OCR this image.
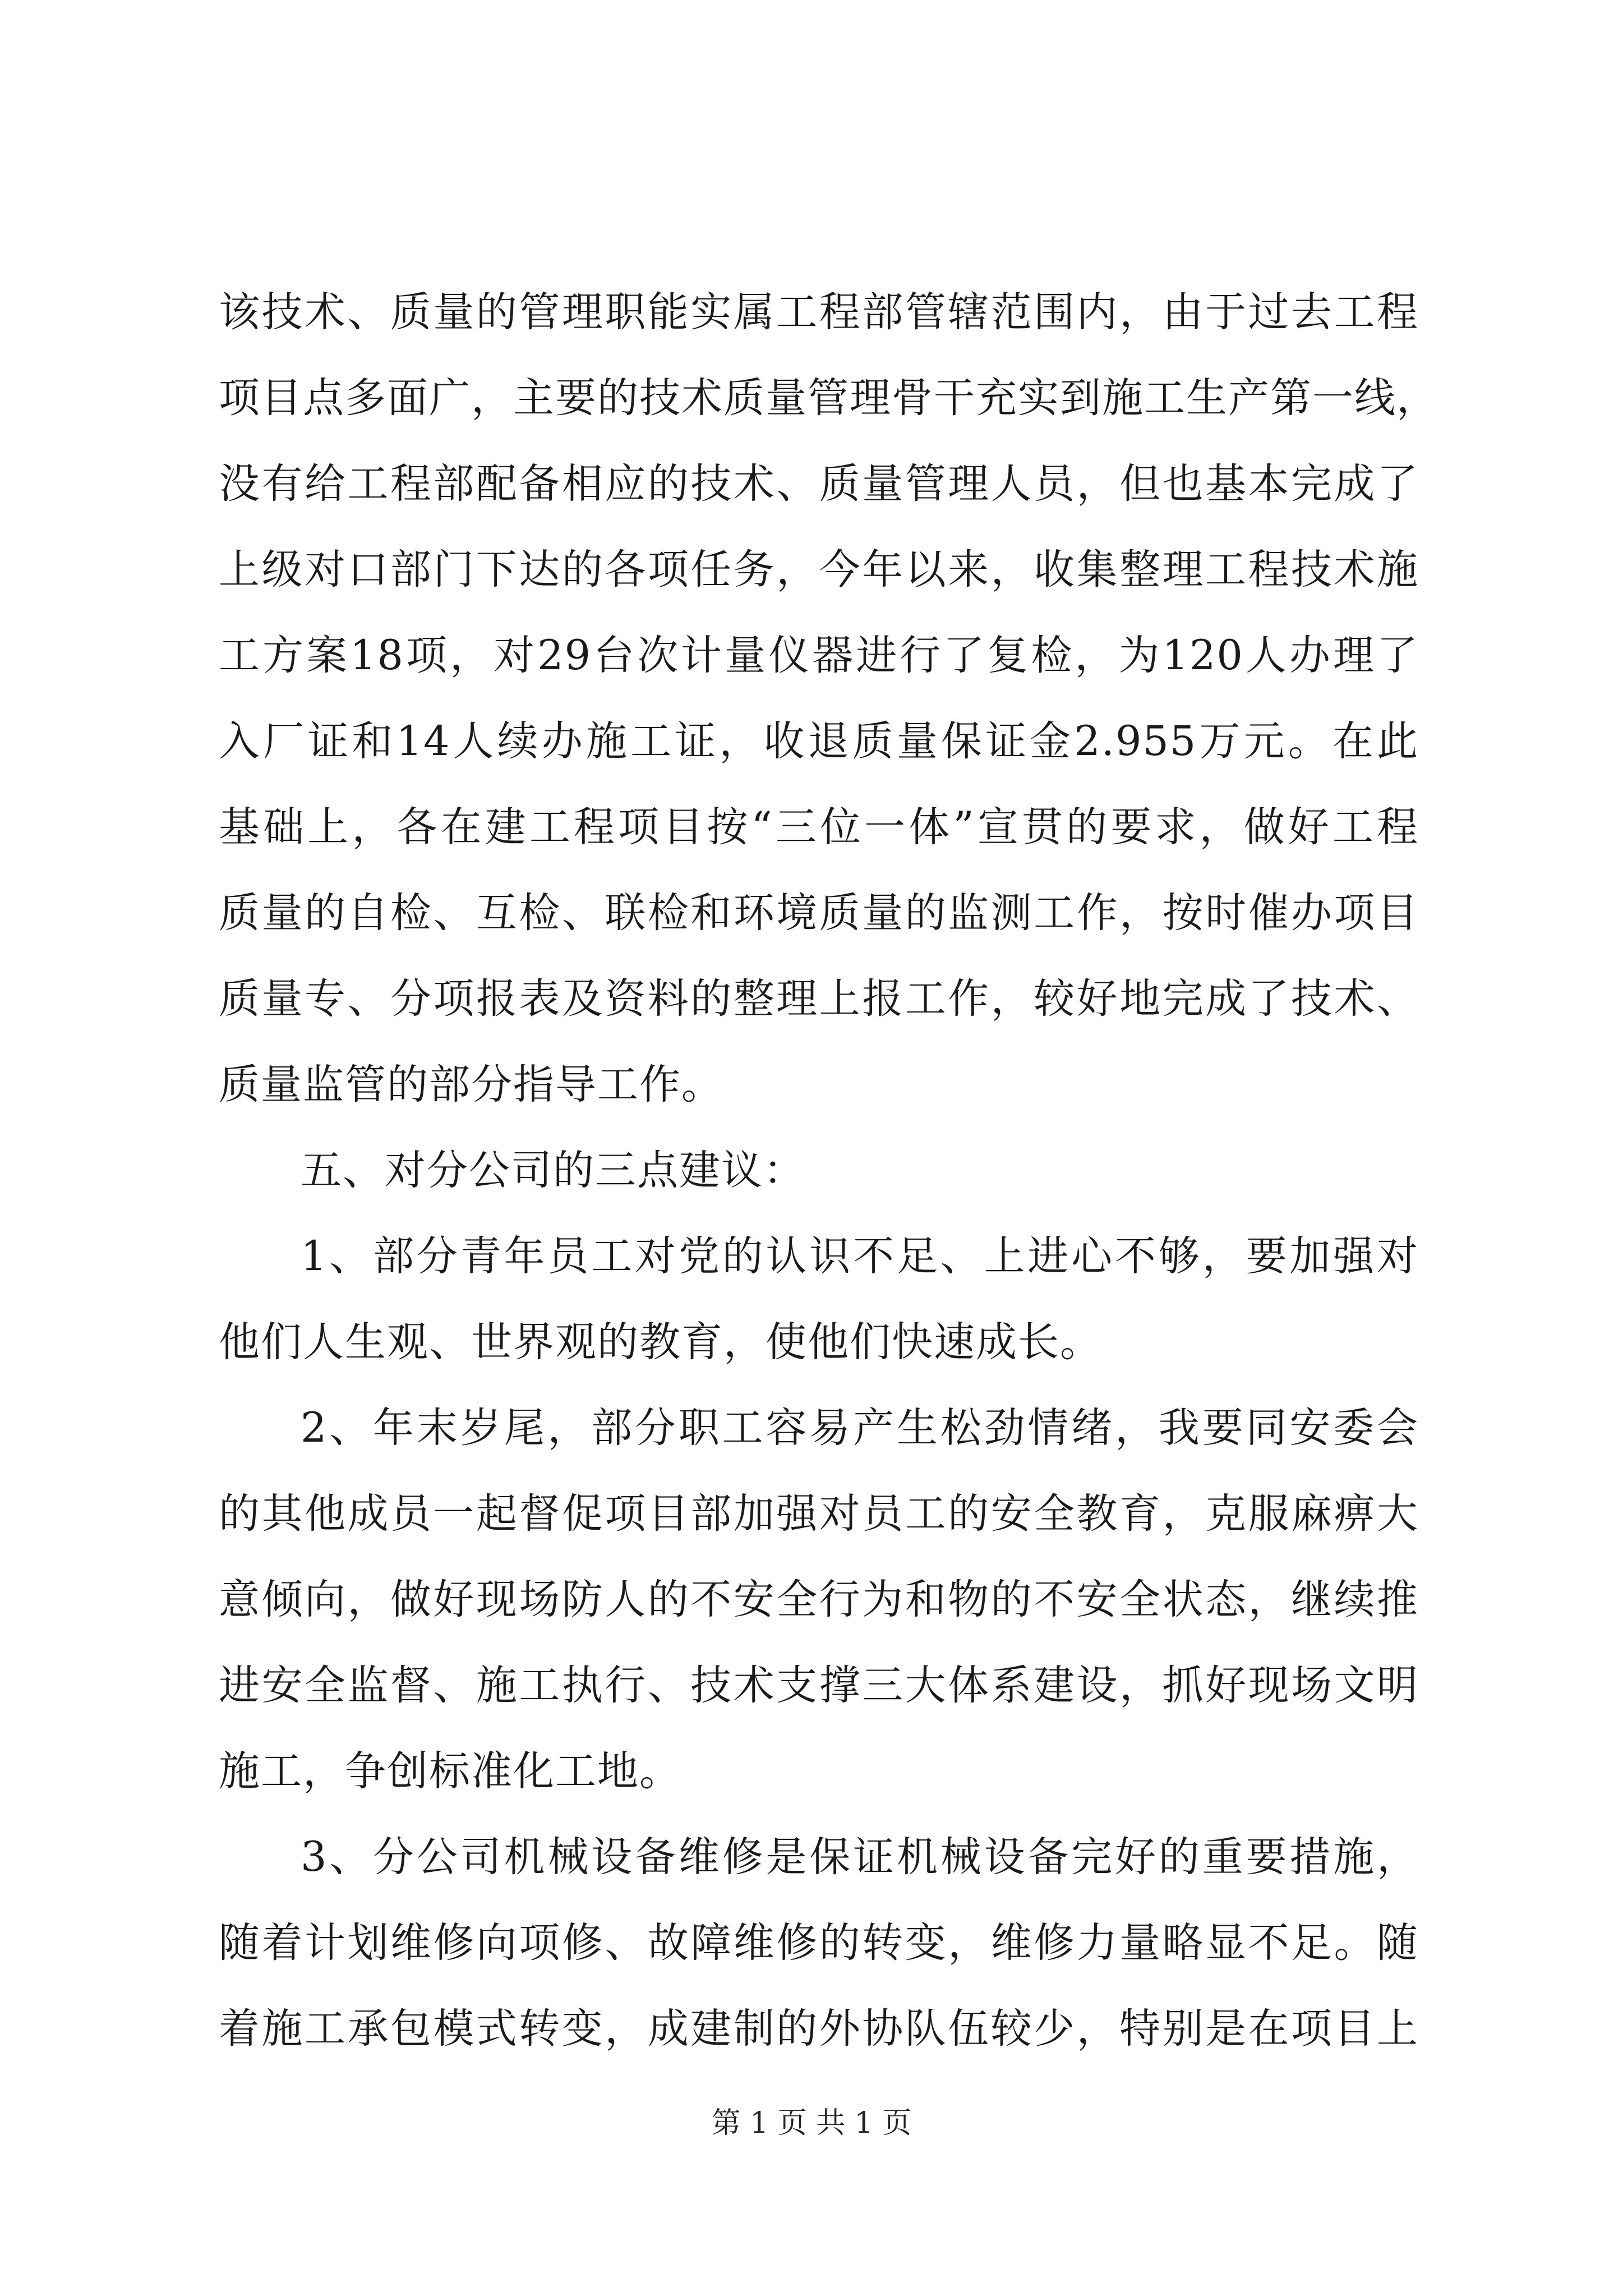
该技术、质量的管理职能实属工程部管辖范围内，由于过去工程
项目点多面广，主要的技术质量管理骨干充实到施工生产第一线，
没有给工程部配备相应的技术、质量管理人员，但也基本完成了
上级对口部门下达的各项任务，今年以来，收集整理工程技术施
工方案18项，对29台次计量仪器进行了复检，为120人办理了
入厂证和14人续办施工证，收退质量保证金2.955万元。在此
基础上，各在建工程项目按“三位一体”宣贯的要求，做好工程
质量的自检、互检、联检和环境质量的监测工作，按时催办项目
质量专、分项报表及资料的整理上报工作，较好地完成了技术、
质量监管的部分指导工作。
五、对分公司的三点建议：
1、部分青年员工对党的认识不足、上进心不够，要加强对
他们人生观、世界观的教育，使他们快速成长。
2、年末岁尾，部分职工容易产生松劲情绪，我要同安委会
的其他成员一起督促项目部加强对员工的安全教育，克服麻痹大
意倾向，做好现场防人的不安全行为和物的不安全状态，继续推
进安全监督、施工执行、技术支撑三大体系建设，抓好现场文明
施工，争创标准化工地。
3、分公司机械设备维修是保证机械设备完好的重要措施，
随着计划维修向项修、故障维修的转变，维修力量略显不足。随
着施工承包模式转变，成建制的外协队伍较少，特别是在项目上
第 1 页 共 1 页
